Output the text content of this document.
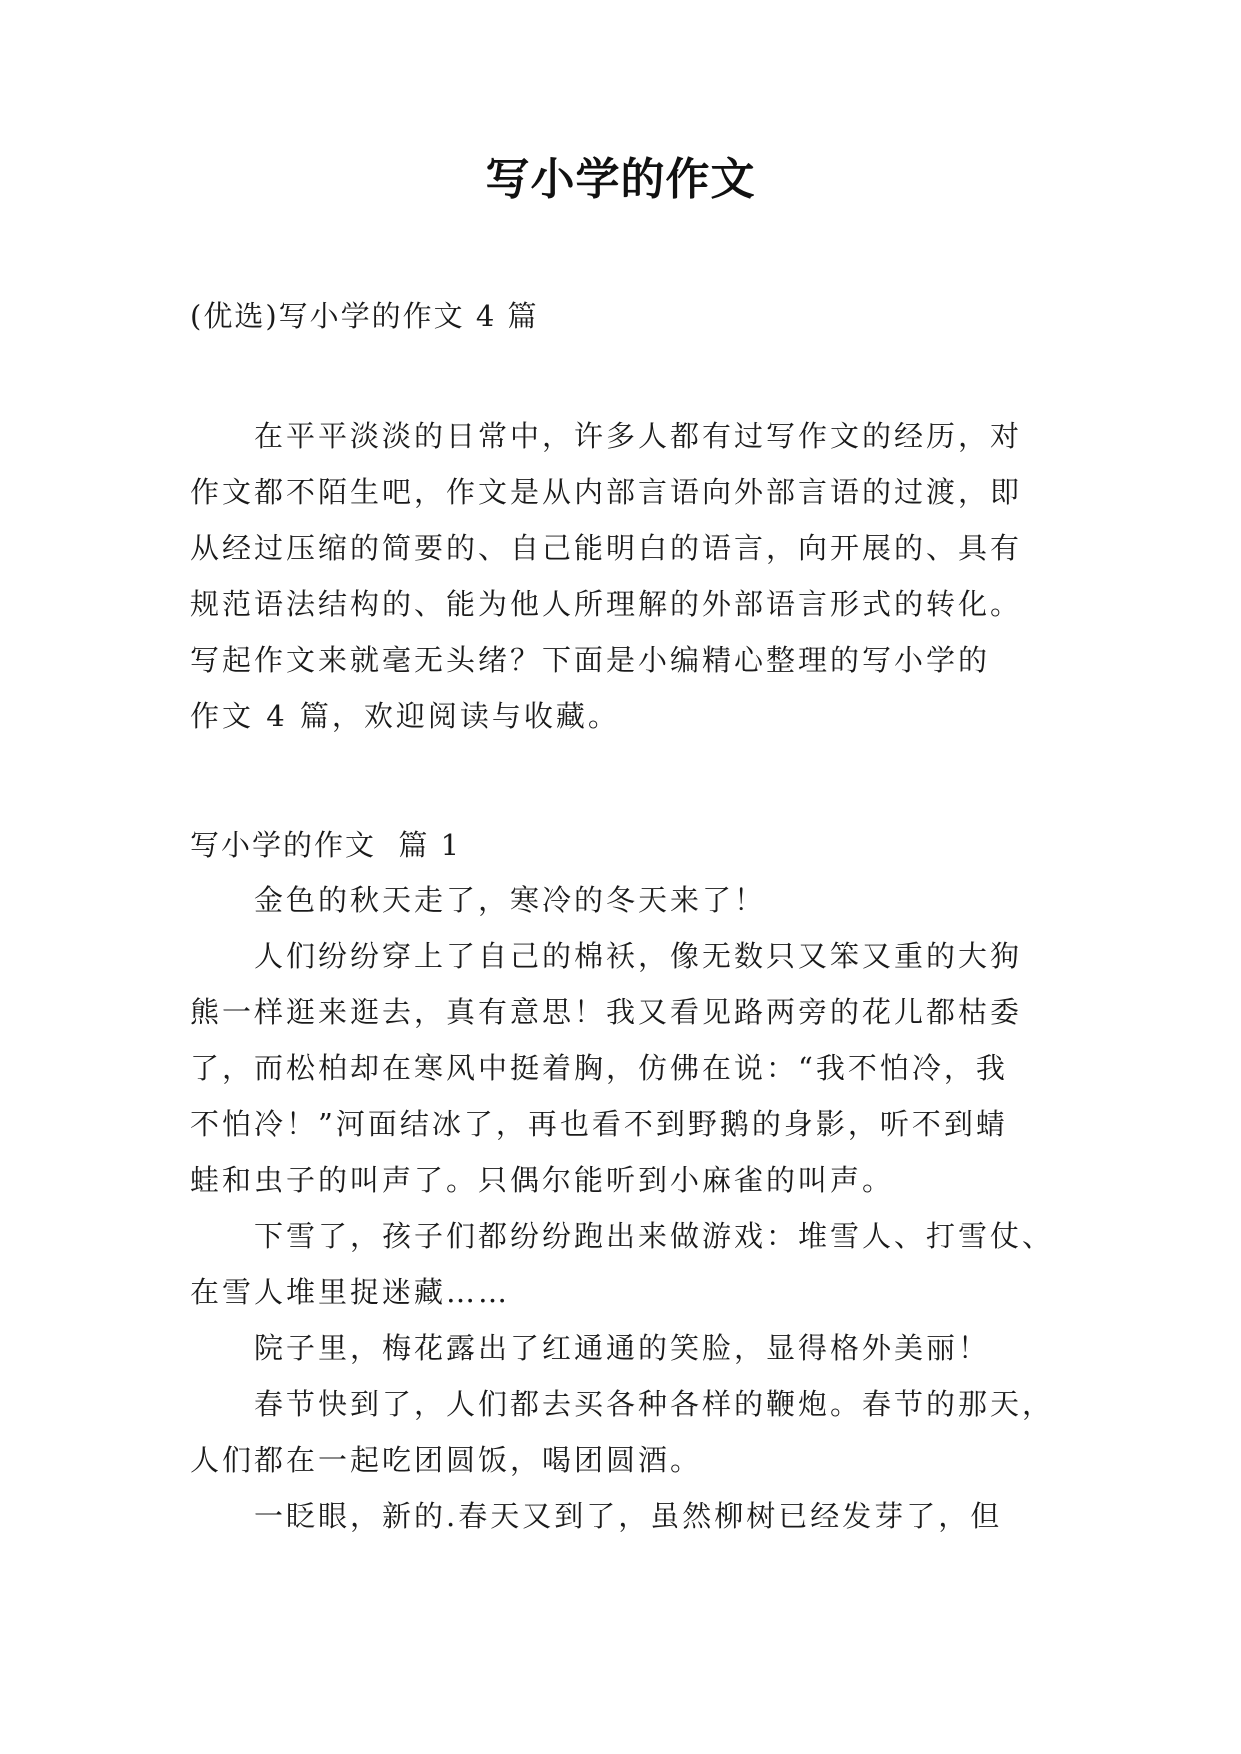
写小学的作文
(优选)写小学的作文 4 篇
在平平淡淡的日常中，许多人都有过写作文的经历，对
作文都不陌生吧，作文是从内部言语向外部言语的过渡，即
从经过压缩的简要的、自己能明白的语言，向开展的、具有
规范语法结构的、能为他人所理解的外部语言形式的转化。
写起作文来就毫无头绪？下面是小编精心整理的写小学的
作文 4 篇，欢迎阅读与收藏。
写小学的作文  篇 1
金色的秋天走了，寒冷的冬天来了！
人们纷纷穿上了自己的棉袄，像无数只又笨又重的大狗
熊一样逛来逛去，真有意思！我又看见路两旁的花儿都枯委
了，而松柏却在寒风中挺着胸，仿佛在说：“我不怕冷，我
不怕冷！”河面结冰了，再也看不到野鹅的身影，听不到蜻
蛙和虫子的叫声了。只偶尔能听到小麻雀的叫声。
下雪了，孩子们都纷纷跑出来做游戏：堆雪人、打雪仗、
在雪人堆里捉迷藏……
院子里，梅花露出了红通通的笑脸，显得格外美丽！
春节快到了，人们都去买各种各样的鞭炮。春节的那天，
人们都在一起吃团圆饭，喝团圆酒。
一眨眼，新的.春天又到了，虽然柳树已经发芽了，但
